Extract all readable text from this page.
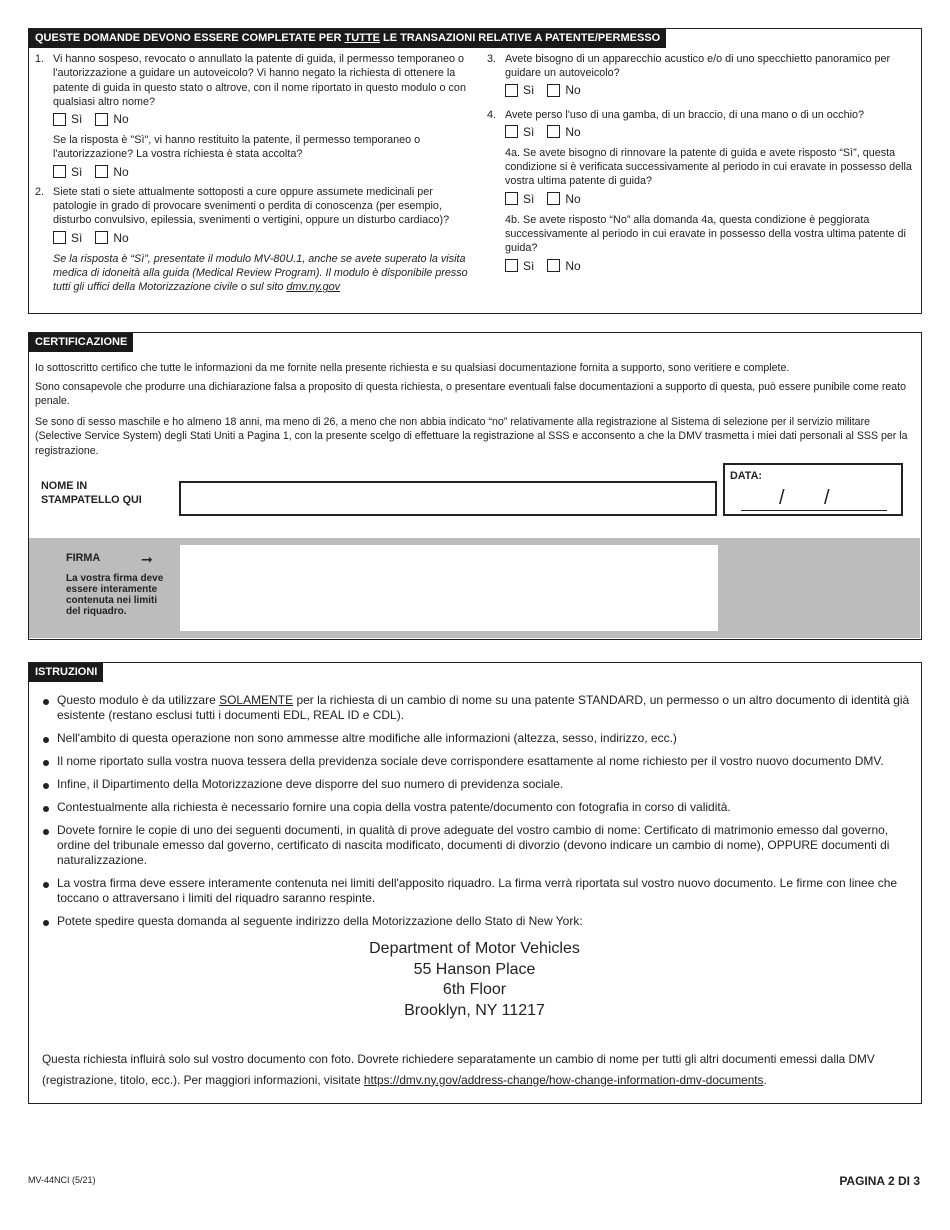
QUESTE DOMANDE DEVONO ESSERE COMPLETATE PER TUTTE LE TRANSAZIONI RELATIVE A PATENTE/PERMESSO
1. Vi hanno sospeso, revocato o annullato la patente di guida, il permesso temporaneo o l'autorizzazione a guidare un autoveicolo? Vi hanno negato la richiesta di ottenere la patente di guida in questo stato o altrove, con il nome riportato in questo modulo o con qualsiasi altro nome?
Sì	No
Se la risposta è "Sì", vi hanno restituito la patente, il permesso temporaneo o l'autorizzazione? La vostra richiesta è stata accolta?
Sì	No
2. Siete stati o siete attualmente sottoposti a cure oppure assumete medicinali per patologie in grado di provocare svenimenti o perdita di conoscenza (per esempio, disturbo convulsivo, epilessia, svenimenti o vertigini, oppure un disturbo cardiaco)?
Sì	No
Se la risposta è “Sì”, presentate il modulo MV-80U.1, anche se avete superato la visita medica di idoneità alla guida (Medical Review Program). Il modulo è disponibile presso tutti gli uffici della Motorizzazione civile o sul sito dmv.ny.gov
3. Avete bisogno di un apparecchio acustico e/o di uno specchietto panoramico per guidare un autoveicolo?
Sì	No
4. Avete perso l'uso di una gamba, di un braccio, di una mano o di un occhio?
Sì	No
4a. Se avete bisogno di rinnovare la patente di guida e avete risposto “Sì”, questa condizione si è verificata successivamente al periodo in cui eravate in possesso della vostra ultima patente di guida?
Sì	No
4b. Se avete risposto “No” alla domanda 4a, questa condizione è peggiorata successivamente al periodo in cui eravate in possesso della vostra ultima patente di guida?
Sì	No
CERTIFICAZIONE

Io sottoscritto certifico che tutte le informazioni da me fornite nella presente richiesta e su qualsiasi documentazione fornita a supporto, sono veritiere e complete.

Sono consapevole che produrre una dichiarazione falsa a proposito di questa richiesta, o presentare eventuali false documentazioni a supporto di questa, può essere punibile come reato penale.

Se sono di sesso maschile e ho almeno 18 anni, ma meno di 26, a meno che non abbia indicato “no” relativamente alla registrazione al Sistema di selezione per il servizio militare (Selective Service System) degli Stati Uniti a Pagina 1, con la presente scelgo di effettuare la registrazione al SSS e acconsento a che la DMV trasmetta i miei dati personali al SSS per la registrazione.

NOME IN
STAMPATELLO QUI
DATA:
/ /
FIRMA	➞
La vostra firma deve essere interamente contenuta nei limiti del riquadro.
ISTRUZIONI
Questo modulo è da utilizzare SOLAMENTE per la richiesta di un cambio di nome su una patente STANDARD, un permesso o un altro documento di identità già esistente (restano esclusi tutti i documenti EDL, REAL ID e CDL).
Nell'ambito di questa operazione non sono ammesse altre modifiche alle informazioni (altezza, sesso, indirizzo, ecc.)
Il nome riportato sulla vostra nuova tessera della previdenza sociale deve corrispondere esattamente al nome richiesto per il vostro nuovo documento DMV.
Infine, il Dipartimento della Motorizzazione deve disporre del suo numero di previdenza sociale.
Contestualmente alla richiesta è necessario fornire una copia della vostra patente/documento con fotografia in corso di validità.
Dovete fornire le copie di uno dei seguenti documenti, in qualità di prove adeguate del vostro cambio di nome: Certificato di matrimonio emesso dal governo, ordine del tribunale emesso dal governo, certificato di nascita modificato, documenti di divorzio (devono indicare un cambio di nome), OPPURE documenti di naturalizzazione.
La vostra firma deve essere interamente contenuta nei limiti dell'apposito riquadro. La firma verrà riportata sul vostro nuovo documento. Le firme con linee che toccano o attraversano i limiti del riquadro saranno respinte.
Potete spedire questa domanda al seguente indirizzo della Motorizzazione dello Stato di New York:
Department of Motor Vehicles
55 Hanson Place
6th Floor
Brooklyn, NY 11217
Questa richiesta influirà solo sul vostro documento con foto. Dovrete richiedere separatamente un cambio di nome per tutti gli altri documenti emessi dalla DMV (registrazione, titolo, ecc.). Per maggiori informazioni, visitate https://dmv.ny.gov/address-change/how-change-information-dmv-documents.
MV-44NCI (5/21)	PAGINA 2 DI 3
